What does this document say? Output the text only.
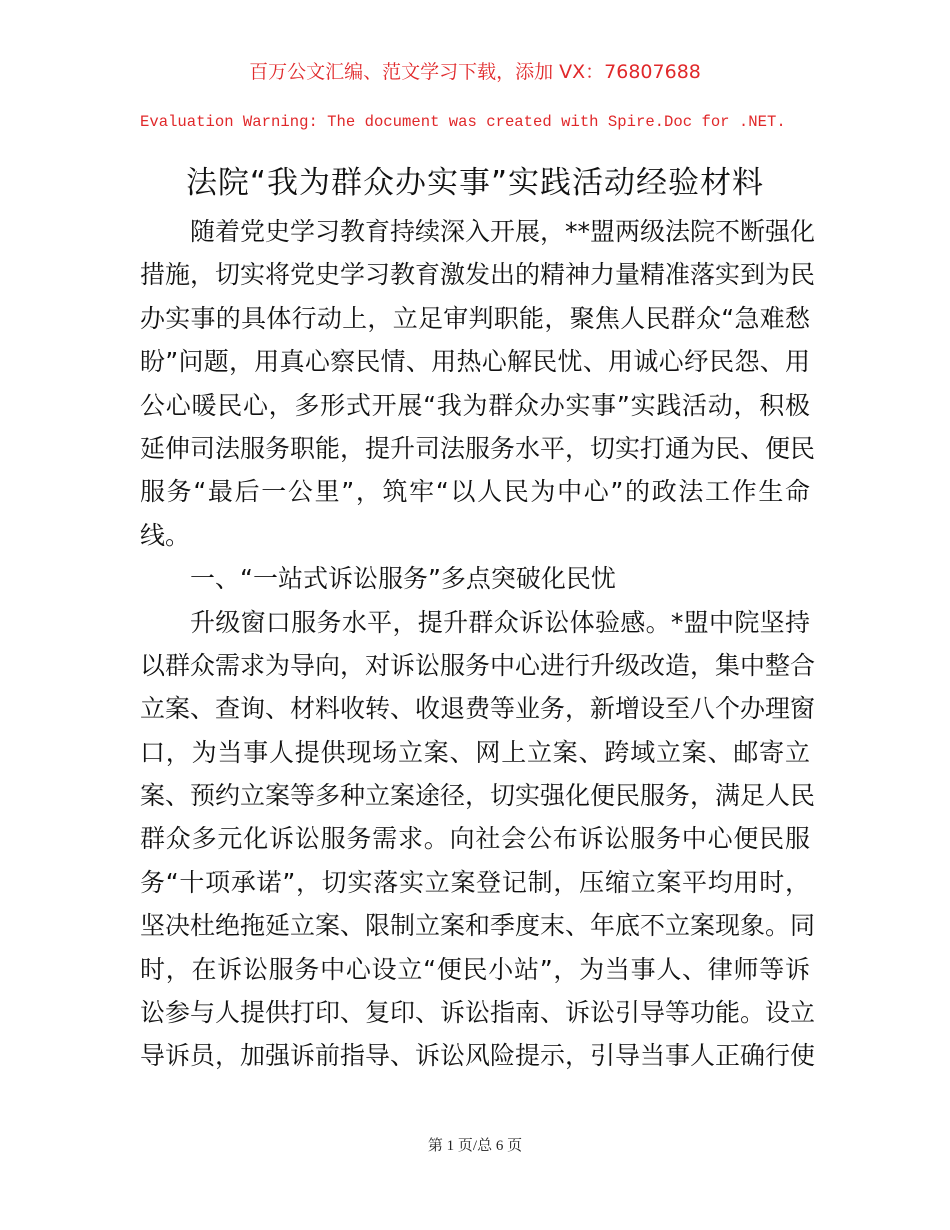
百万公文汇编、范文学习下载，添加 VX：76807688
Evaluation Warning: The document was created with Spire.Doc for .NET.
法院“我为群众办实事”实践活动经验材料
随着党史学习教育持续深入开展，**盟两级法院不断强化
措施，切实将党史学习教育激发出的精神力量精准落实到为民
办实事的具体行动上，立足审判职能，聚焦人民群众“急难愁
盼”问题，用真心察民情、用热心解民忧、用诚心纾民怨、用
公心暖民心，多形式开展“我为群众办实事”实践活动，积极
延伸司法服务职能，提升司法服务水平，切实打通为民、便民
服务“最后一公里”，筑牢“以人民为中心”的政法工作生命
线。
一、“一站式诉讼服务”多点突破化民忧
升级窗口服务水平，提升群众诉讼体验感。*盟中院坚持
以群众需求为导向，对诉讼服务中心进行升级改造，集中整合
立案、查询、材料收转、收退费等业务，新增设至八个办理窗
口，为当事人提供现场立案、网上立案、跨域立案、邮寄立
案、预约立案等多种立案途径，切实强化便民服务，满足人民
群众多元化诉讼服务需求。向社会公布诉讼服务中心便民服
务“十项承诺”，切实落实立案登记制，压缩立案平均用时，
坚决杜绝拖延立案、限制立案和季度末、年底不立案现象。同
时，在诉讼服务中心设立“便民小站”，为当事人、律师等诉
讼参与人提供打印、复印、诉讼指南、诉讼引导等功能。设立
导诉员，加强诉前指导、诉讼风险提示，引导当事人正确行使
第 1 页/总 6 页
